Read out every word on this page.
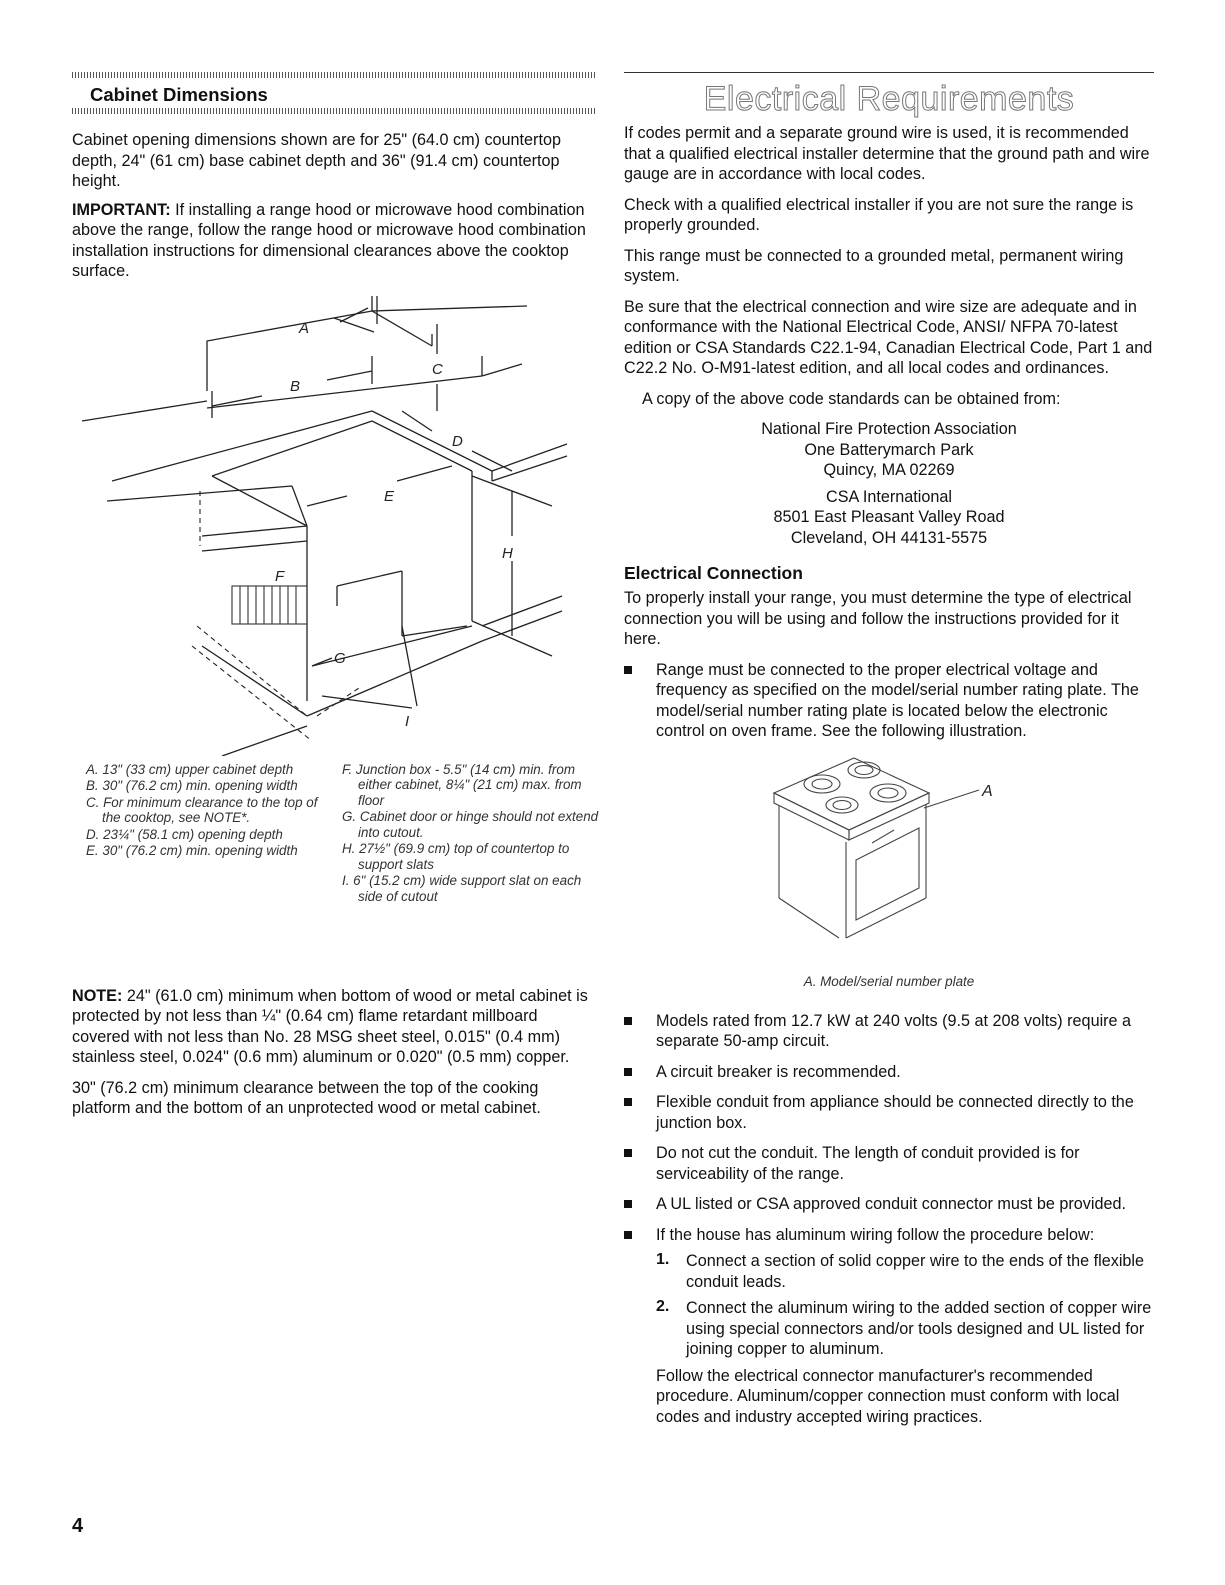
Cabinet Dimensions

Cabinet opening dimensions shown are for 25" (64.0 cm) countertop depth, 24" (61 cm) base cabinet depth and 36" (91.4 cm) countertop height.

IMPORTANT: If installing a range hood or microwave hood combination above the range, follow the range hood or microwave hood combination installation instructions for dimensional clearances above the cooktop surface.

A
B
C
D
E
F
G
H
I
A. 13" (33 cm) upper cabinet depth
B. 30" (76.2 cm) min. opening width
C. For minimum clearance to the top of the cooktop, see NOTE*.
D. 23¼" (58.1 cm) opening depth
E. 30" (76.2 cm) min. opening width
F. Junction box - 5.5" (14 cm) min. from either cabinet, 8¼" (21 cm) max. from floor
G. Cabinet door or hinge should not extend into cutout.
H. 27½" (69.9 cm) top of countertop to support slats
I. 6" (15.2 cm) wide support slat on each side of cutout

NOTE: 24" (61.0 cm) minimum when bottom of wood or metal cabinet is protected by not less than ¼" (0.64 cm) flame retardant millboard covered with not less than No. 28 MSG sheet steel, 0.015" (0.4 mm) stainless steel, 0.024" (0.6 mm) aluminum or 0.020" (0.5 mm) copper.

30" (76.2 cm) minimum clearance between the top of the cooking platform and the bottom of an unprotected wood or metal cabinet.

Electrical Requirements

If codes permit and a separate ground wire is used, it is recommended that a qualified electrical installer determine that the ground path and wire gauge are in accordance with local codes.

Check with a qualified electrical installer if you are not sure the range is properly grounded.

This range must be connected to a grounded metal, permanent wiring system.

Be sure that the electrical connection and wire size are adequate and in conformance with the National Electrical Code, ANSI/ NFPA 70-latest edition or CSA Standards C22.1-94, Canadian Electrical Code, Part 1 and C22.2 No. O-M91-latest edition, and all local codes and ordinances.

A copy of the above code standards can be obtained from:

National Fire Protection Association

One Batterymarch Park

Quincy, MA 02269

CSA International

8501 East Pleasant Valley Road

Cleveland, OH 44131-5575

Electrical Connection

To properly install your range, you must determine the type of electrical connection you will be using and follow the instructions provided for it here.

Range must be connected to the proper electrical voltage and frequency as specified on the model/serial number rating plate. The model/serial number rating plate is located below the electronic control on oven frame. See the following illustration.

A
A. Model/serial number plate

Models rated from 12.7 kW at 240 volts (9.5 at 208 volts) require a separate 50-amp circuit.

A circuit breaker is recommended.

Flexible conduit from appliance should be connected directly to the junction box.

Do not cut the conduit. The length of conduit provided is for serviceability of the range.

A UL listed or CSA approved conduit connector must be provided.

If the house has aluminum wiring follow the procedure below:

1. Connect a section of solid copper wire to the ends of the flexible conduit leads.

2. Connect the aluminum wiring to the added section of copper wire using special connectors and/or tools designed and UL listed for joining copper to aluminum.

Follow the electrical connector manufacturer's recommended procedure. Aluminum/copper connection must conform with local codes and industry accepted wiring practices.

4
